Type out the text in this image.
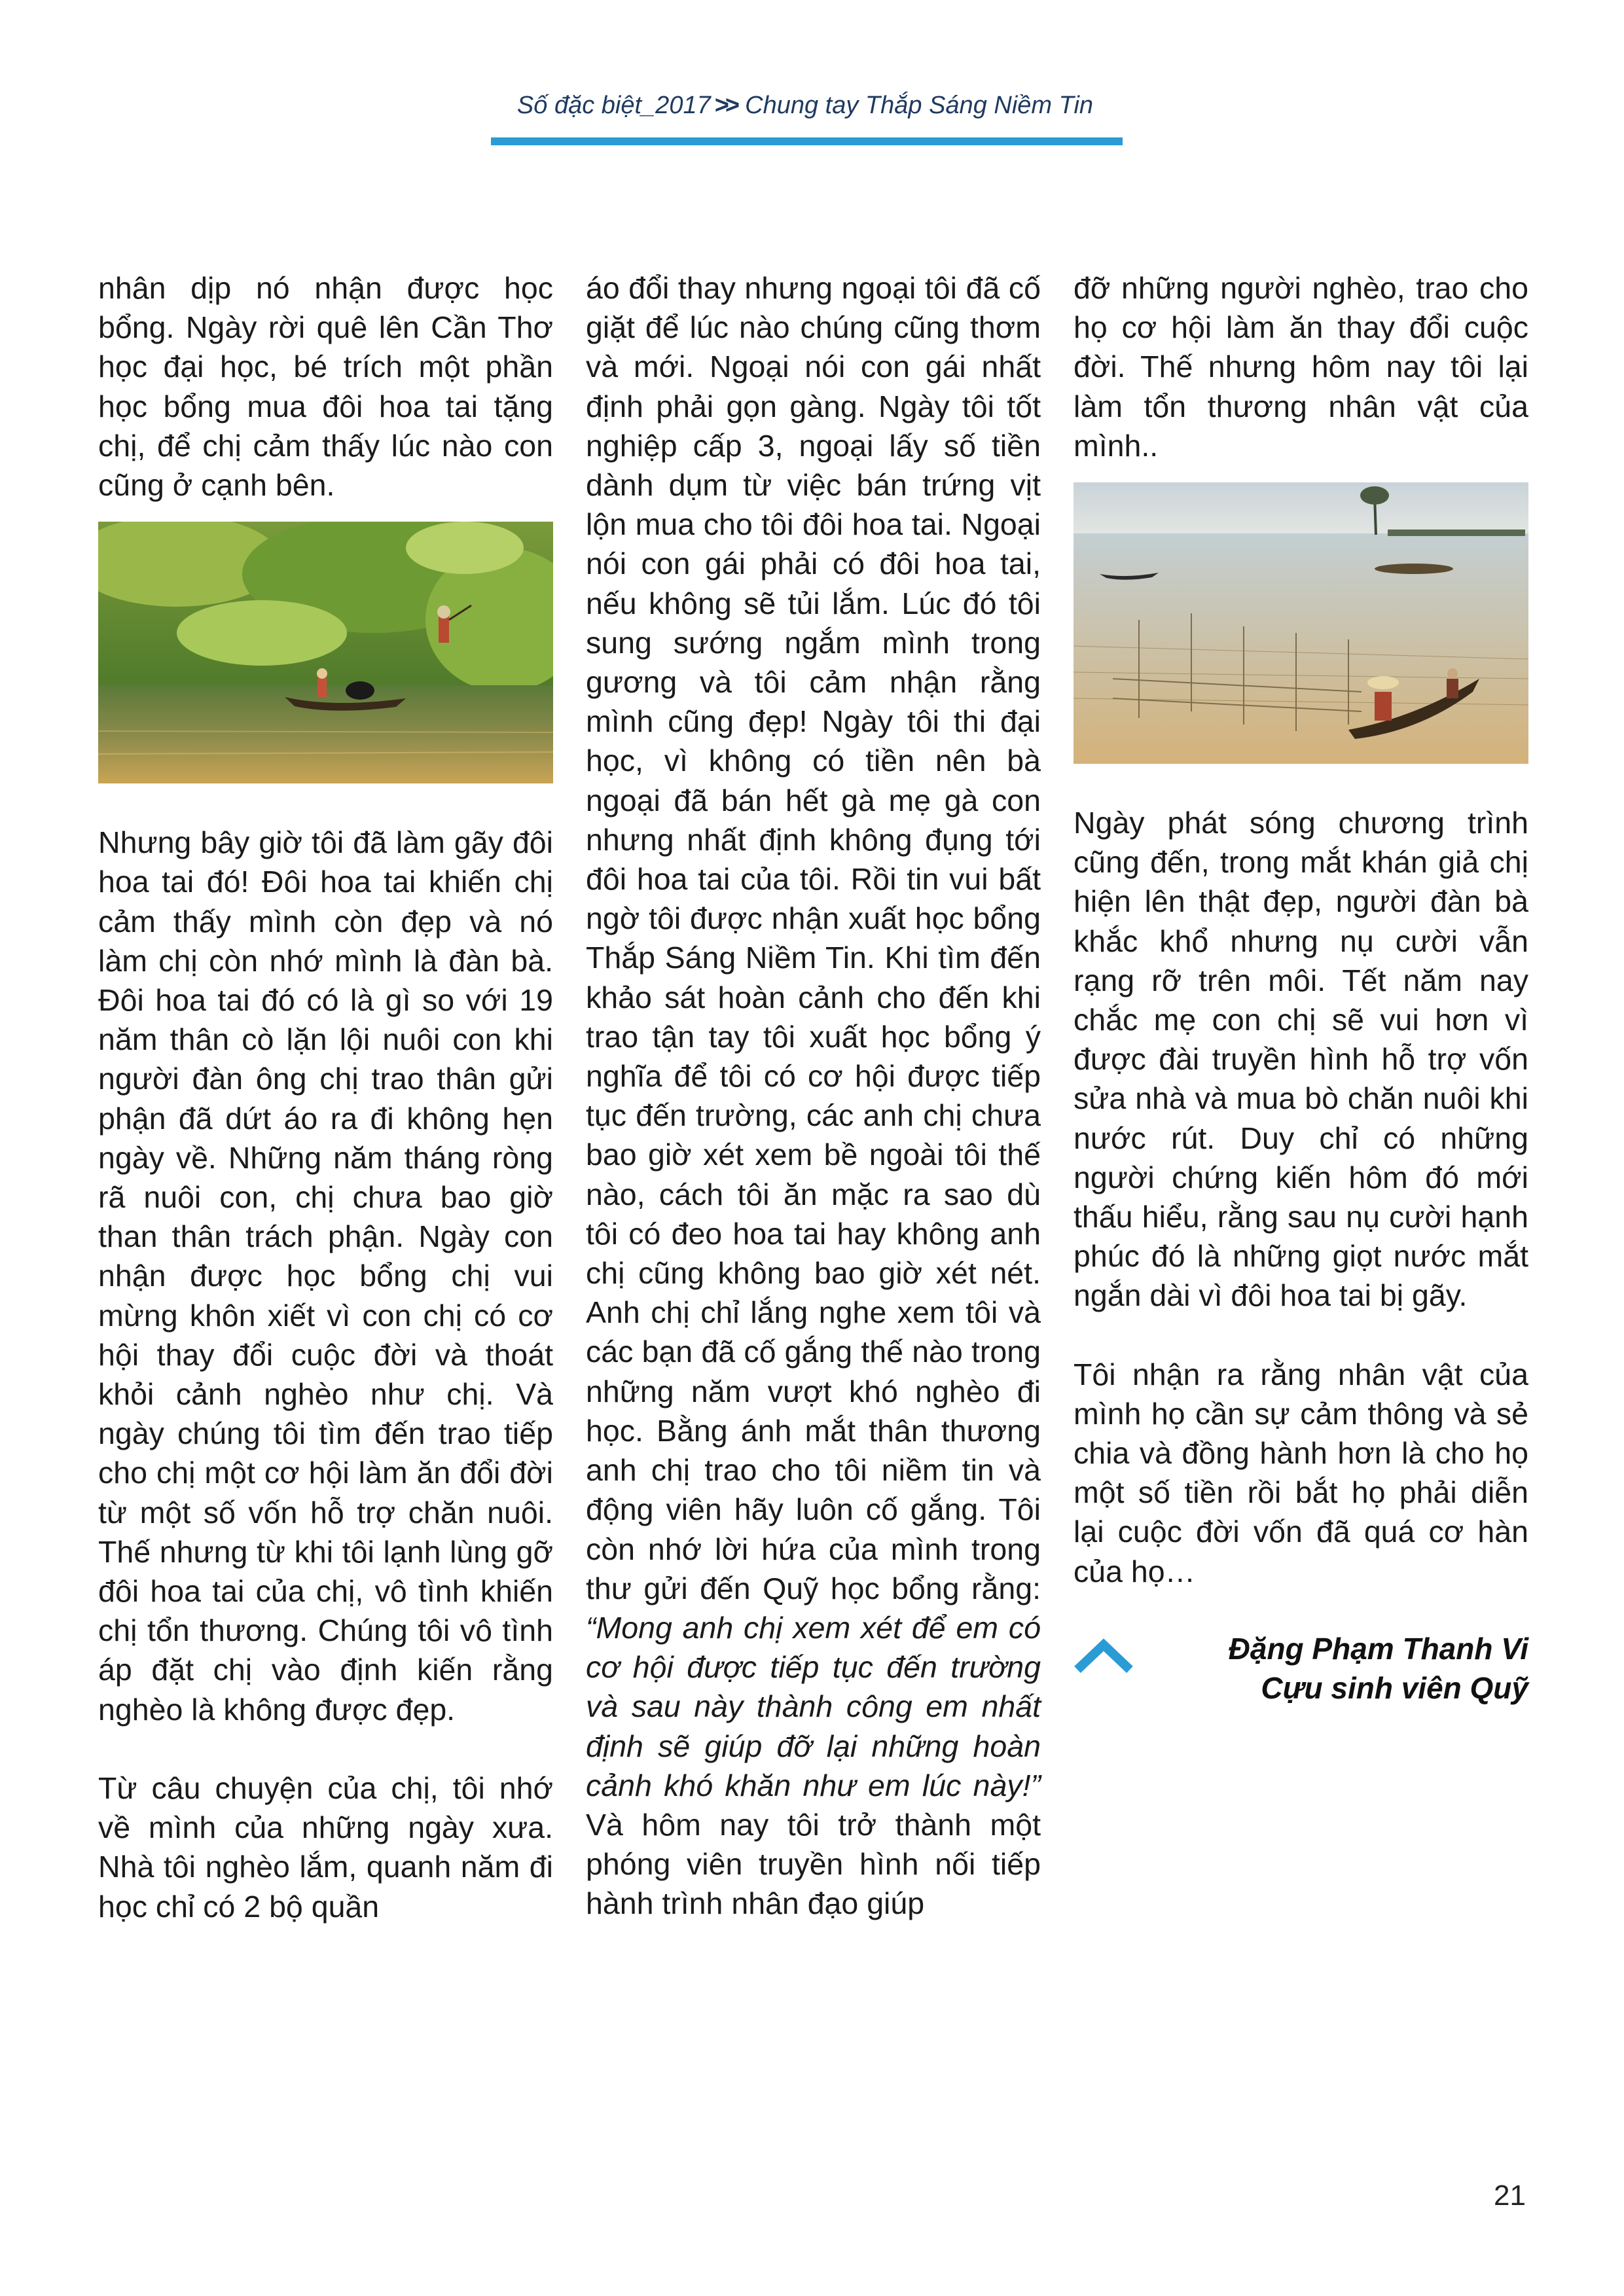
Số đặc biệt_2017 >> Chung tay Thắp Sáng Niềm Tin

nhân dịp nó nhận được học bổng. Ngày rời quê lên Cần Thơ học đại học, bé trích một phần học bổng mua đôi hoa tai tặng chị, để chị cảm thấy lúc nào con cũng ở cạnh bên.

Nhưng bây giờ tôi đã làm gãy đôi hoa tai đó! Đôi hoa tai khiến chị cảm thấy mình còn đẹp và nó làm chị còn nhớ mình là đàn bà. Đôi hoa tai đó có là gì so với 19 năm thân cò lặn lội nuôi con khi người đàn ông chị trao thân gửi phận đã dứt áo ra đi không hẹn ngày về. Những năm tháng ròng rã nuôi con, chị chưa bao giờ than thân trách phận. Ngày con nhận được học bổng chị vui mừng khôn xiết vì con chị có cơ hội thay đổi cuộc đời và thoát khỏi cảnh nghèo như chị. Và ngày chúng tôi tìm đến trao tiếp cho chị một cơ hội làm ăn đổi đời từ một số vốn hỗ trợ chăn nuôi. Thế nhưng từ khi tôi lạnh lùng gỡ đôi hoa tai của chị, vô tình khiến chị tổn thương. Chúng tôi vô tình áp đặt chị vào định kiến rằng nghèo là không được đẹp.

Từ câu chuyện của chị, tôi nhớ về mình của những ngày xưa. Nhà tôi nghèo lắm, quanh năm đi học chỉ có 2 bộ quần

áo đổi thay nhưng ngoại tôi đã cố giặt để lúc nào chúng cũng thơm và mới. Ngoại nói con gái nhất định phải gọn gàng. Ngày tôi tốt nghiệp cấp 3, ngoại lấy số tiền dành dụm từ việc bán trứng vịt lộn mua cho tôi đôi hoa tai. Ngoại nói con gái phải có đôi hoa tai, nếu không sẽ tủi lắm. Lúc đó tôi sung sướng ngắm mình trong gương và tôi cảm nhận rằng mình cũng đẹp! Ngày tôi thi đại học, vì không có tiền nên bà ngoại đã bán hết gà mẹ gà con nhưng nhất định không đụng tới đôi hoa tai của tôi. Rồi tin vui bất ngờ tôi được nhận xuất học bổng Thắp Sáng Niềm Tin. Khi tìm đến khảo sát hoàn cảnh cho đến khi trao tận tay tôi xuất học bổng ý nghĩa để tôi có cơ hội được tiếp tục đến trường, các anh chị chưa bao giờ xét xem bề ngoài tôi thế nào, cách tôi ăn mặc ra sao dù tôi có đeo hoa tai hay không anh chị cũng không bao giờ xét nét. Anh chị chỉ lắng nghe xem tôi và các bạn đã cố gắng thế nào trong những năm vượt khó nghèo đi học. Bằng ánh mắt thân thương anh chị trao cho tôi niềm tin và động viên hãy luôn cố gắng. Tôi còn nhớ lời hứa của mình trong thư gửi đến Quỹ học bổng rằng: “Mong anh chị xem xét để em có cơ hội được tiếp tục đến trường và sau này thành công em nhất định sẽ giúp đỡ lại những hoàn cảnh khó khăn như em lúc này!” Và hôm nay tôi trở thành một phóng viên truyền hình nối tiếp hành trình nhân đạo giúp

đỡ những người nghèo, trao cho họ cơ hội làm ăn thay đổi cuộc đời. Thế nhưng hôm nay tôi lại làm tổn thương nhân vật của mình..

Ngày phát sóng chương trình cũng đến, trong mắt khán giả chị hiện lên thật đẹp, người đàn bà khắc khổ nhưng nụ cười vẫn rạng rỡ trên môi. Tết năm nay chắc mẹ con chị sẽ vui hơn vì được đài truyền hình hỗ trợ vốn sửa nhà và mua bò chăn nuôi khi nước rút. Duy chỉ có những người chứng kiến hôm đó mới thấu hiểu, rằng sau nụ cười hạnh phúc đó là những giọt nước mắt ngắn dài vì đôi hoa tai bị gãy.

Tôi nhận ra rằng nhân vật của mình họ cần sự cảm thông và sẻ chia và đồng hành hơn là cho họ một số tiền rồi bắt họ phải diễn lại cuộc đời vốn đã quá cơ hàn của họ…

Đặng Phạm Thanh Vi
Cựu sinh viên Quỹ
21
